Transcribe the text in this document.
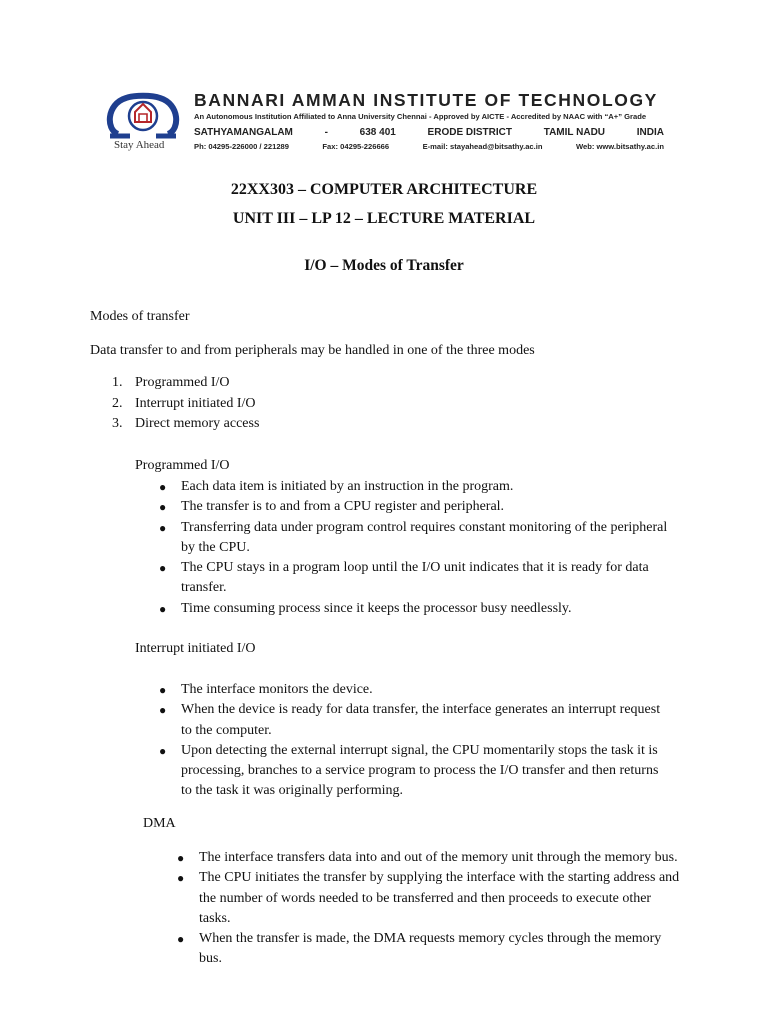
Stay Ahead
BANNARI AMMAN INSTITUTE OF TECHNOLOGY
An Autonomous Institution Affiliated to Anna University Chennai - Approved by AICTE - Accredited by NAAC with “A+” Grade
SATHYAMANGALAM	-	638 401	ERODE DISTRICT	TAMIL NADU	INDIA
Ph: 04295-226000 / 221289	Fax: 04295-226666	E-mail: stayahead@bitsathy.ac.in	Web: www.bitsathy.ac.in
22XX303 – COMPUTER ARCHITECTURE
UNIT III – LP 12 – LECTURE MATERIAL
I/O – Modes of Transfer
Modes of transfer
Data transfer to and from peripherals may be handled in one of the three modes
1. Programmed I/O
2. Interrupt initiated I/O
3. Direct memory access
Programmed I/O
● Each data item is initiated by an instruction in the program.
● The transfer is to and from a CPU register and peripheral.
● Transferring data under program control requires constant monitoring of the peripheral by the CPU.
● The CPU stays in a program loop until the I/O unit indicates that it is ready for data transfer.
● Time consuming process since it keeps the processor busy needlessly.
Interrupt initiated I/O
● The interface monitors the device.
● When the device is ready for data transfer, the interface generates an interrupt request to the computer.
● Upon detecting the external interrupt signal, the CPU momentarily stops the task it is processing, branches to a service program to process the I/O transfer and then returns to the task it was originally performing.
DMA
● The interface transfers data into and out of the memory unit through the memory bus.
● The CPU initiates the transfer by supplying the interface with the starting address and the number of words needed to be transferred and then proceeds to execute other tasks.
● When the transfer is made, the DMA requests memory cycles through the memory bus.
